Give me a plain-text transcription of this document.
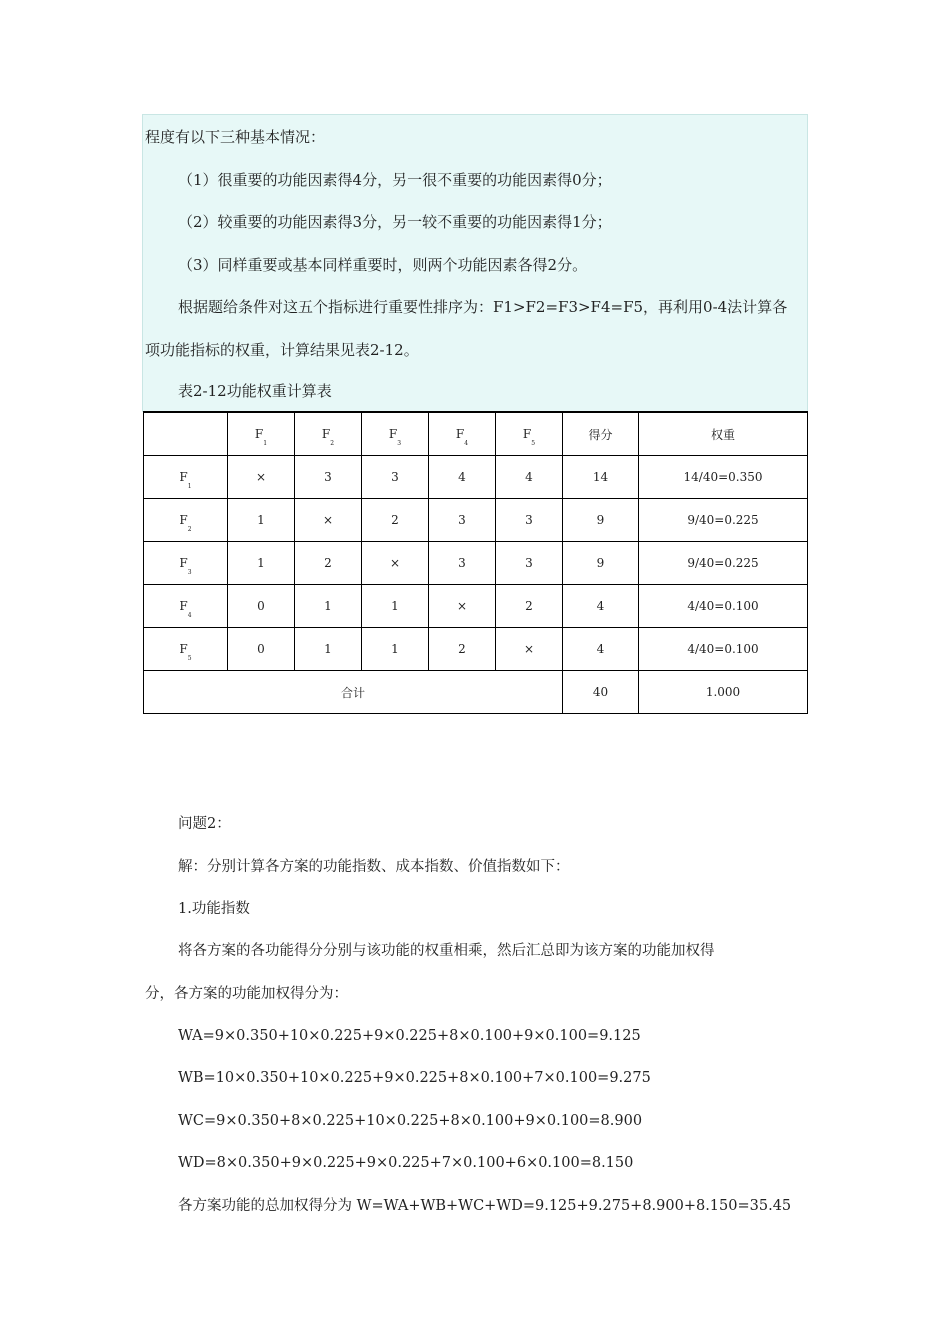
程度有以下三种基本情况：
（1）很重要的功能因素得4分，另一很不重要的功能因素得0分；
（2）较重要的功能因素得3分，另一较不重要的功能因素得1分；
（3）同样重要或基本同样重要时，则两个功能因素各得2分。
根据题给条件对这五个指标进行重要性排序为：F1>F2=F3>F4=F5，再利用0-4法计算各
项功能指标的权重，计算结果见表2-12。
表2-12功能权重计算表
	$F_1$	$F_2$	$F_3$	$F_4$	$F_5$	得分	权重
$F_1$	×	3	3	4	4	14	14/40=0.350
$F_2$	1	×	2	3	3	9	9/40=0.225
$F_3$	1	2	×	3	3	9	9/40=0.225
$F_4$	0	1	1	×	2	4	4/40=0.100
$F_5$	0	1	1	2	×	4	4/40=0.100
合计						40	1.000
问题2：
解：分别计算各方案的功能指数、成本指数、价值指数如下：
1.功能指数
将各方案的各功能得分分别与该功能的权重相乘，然后汇总即为该方案的功能加权得
分，各方案的功能加权得分为：
WA=9×0.350+10×0.225+9×0.225+8×0.100+9×0.100=9.125
WB=10×0.350+10×0.225+9×0.225+8×0.100+7×0.100=9.275
WC=9×0.350+8×0.225+10×0.225+8×0.100+9×0.100=8.900
WD=8×0.350+9×0.225+9×0.225+7×0.100+6×0.100=8.150
各方案功能的总加权得分为 W=WA+WB+WC+WD=9.125+9.275+8.900+8.150=35.45
